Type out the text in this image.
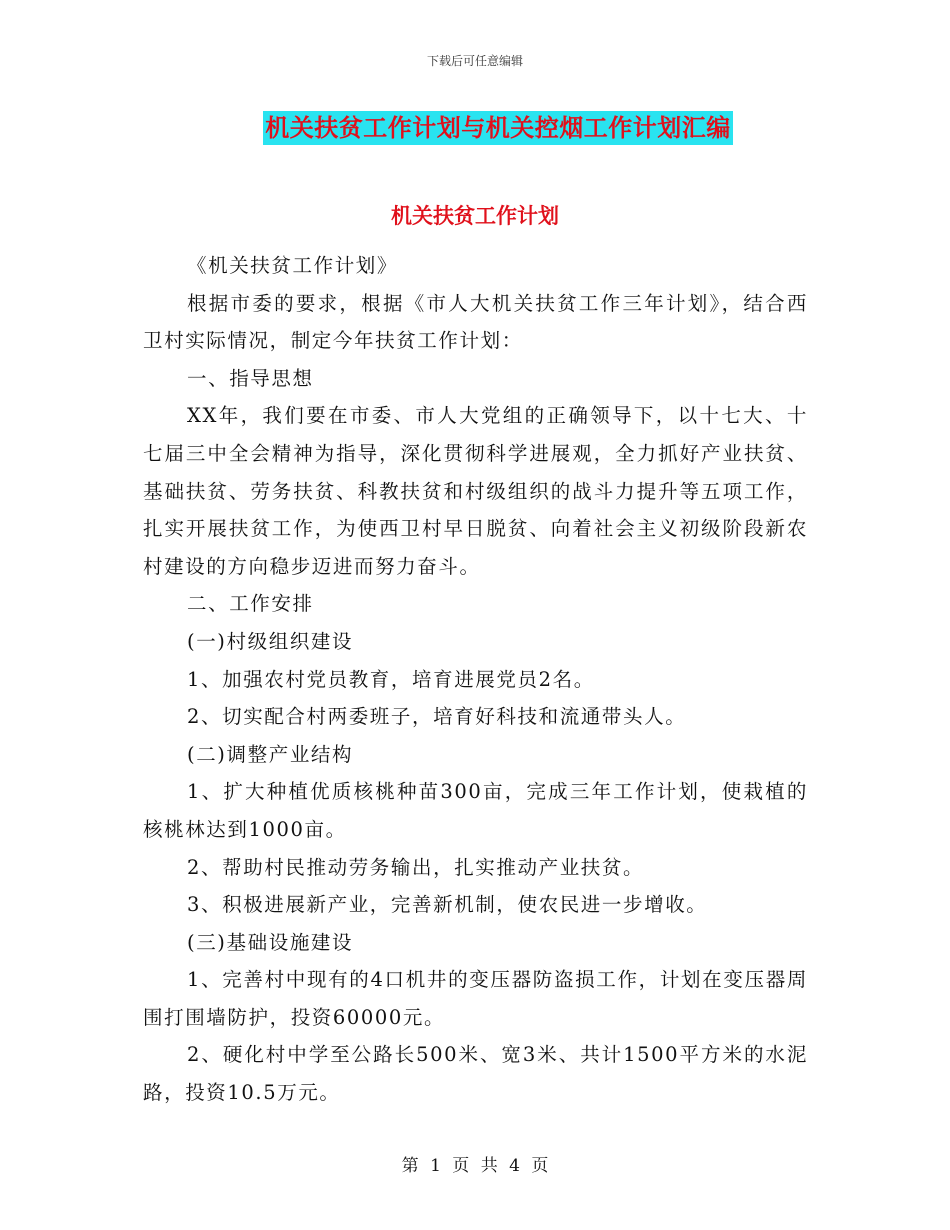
下载后可任意编辑
机关扶贫工作计划与机关控烟工作计划汇编
机关扶贫工作计划

《机关扶贫工作计划》

根据市委的要求，根据《市人大机关扶贫工作三年计划》，结合西卫村实际情况，制定今年扶贫工作计划：

一、指导思想

XX年，我们要在市委、市人大党组的正确领导下，以十七大、十七届三中全会精神为指导，深化贯彻科学进展观，全力抓好产业扶贫、基础扶贫、劳务扶贫、科教扶贫和村级组织的战斗力提升等五项工作，扎实开展扶贫工作，为使西卫村早日脱贫、向着社会主义初级阶段新农村建设的方向稳步迈进而努力奋斗。

二、工作安排

(一)村级组织建设

1、加强农村党员教育，培育进展党员2名。

2、切实配合村两委班子，培育好科技和流通带头人。

(二)调整产业结构

1、扩大种植优质核桃种苗300亩，完成三年工作计划，使栽植的核桃林达到1000亩。

2、帮助村民推动劳务输出，扎实推动产业扶贫。

3、积极进展新产业，完善新机制，使农民进一步增收。

(三)基础设施建设

1、完善村中现有的4口机井的变压器防盗损工作，计划在变压器周围打围墙防护，投资60000元。

2、硬化村中学至公路长500米、宽3米、共计1500平方米的水泥路，投资10.5万元。

第 1 页 共 4 页
